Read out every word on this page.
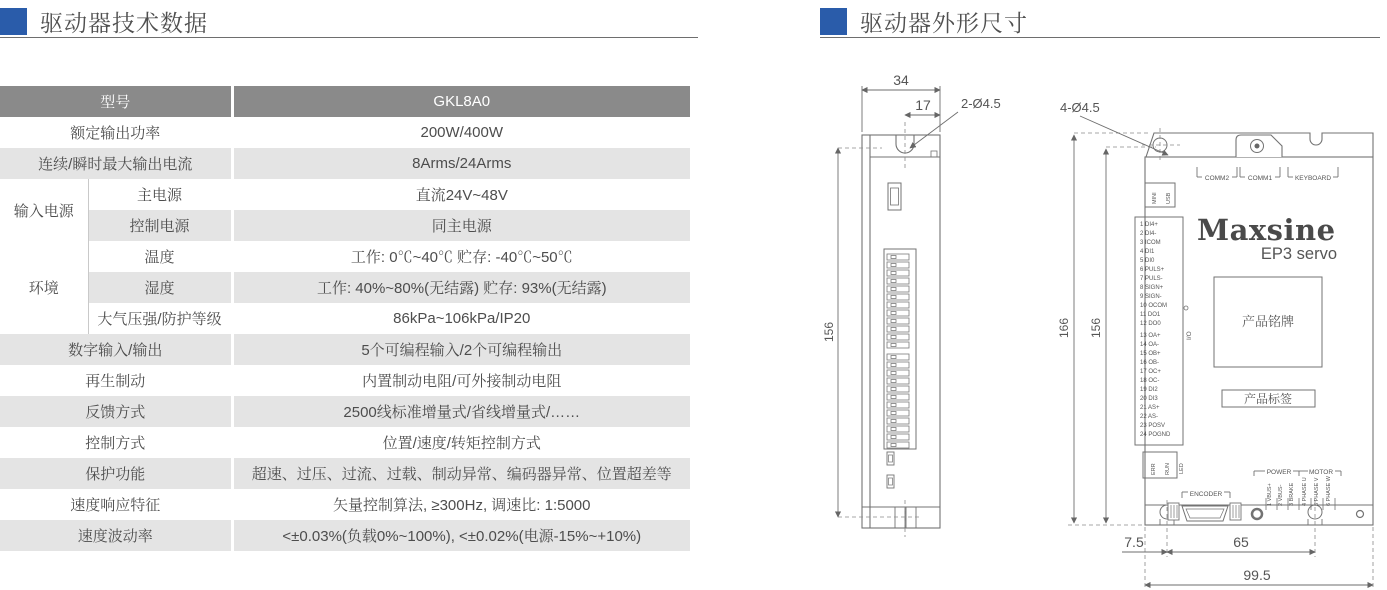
驱动器技术数据	驱动器外形尺寸
型号		GKL8A0
额定输出功率		200W/400W
连续/瞬时最大输出电流		8Arms/24Arms
输入电源	主电源	直流24V~48V
	控制电源	同主电源
环境	温度	工作: 0℃~40℃ 贮存: -40℃~50℃
	湿度	工作: 40%~80%(无结露) 贮存: 93%(无结露)
	大气压强/防护等级	86kPa~106kPa/IP20
数字输入/输出		5个可编程输入/2个可编程输出
再生制动		内置制动电阻/可外接制动电阻
反馈方式		2500线标准增量式/省线增量式/……
控制方式		位置/速度/转矩控制方式
保护功能		超速、过压、过流、过载、制动异常、编码器异常、位置超差等
速度响应特征		矢量控制算法, ≥300Hz, 调速比: 1:5000
速度波动率		<±0.03%(负载0%~100%), <±0.02%(电源-15%~+10%)
34
17 2-Ø4.5
156
4-Ø4.5
166 156
7.5	65
99.5
COMM2	COMM1	KEYBOARD
MINI USB
Maxsine
EP3 servo
产品铭牌
产品标签
I/O
ERR RUN LED
ENCODER
POWER	MOTOR
1 DI4+
2 DI4-
3 ICOM
4 DI1
5 DI0
6 PULS+
7 PULS-
8 SIGN+
9 SIGN-
10 OCOM
11 DO1
12 DO0
13 OA+
14 OA-
15 OB+
16 OB-
17 OC+
18 OC-
19 DI2
20 DI3
21 AS+
22 AS-
23 POSV
24 POGND
1 VBUS+ 2 VBUS- 3 BRAKE 4 PHASE U 5 PHASE V 6 PHASE W
